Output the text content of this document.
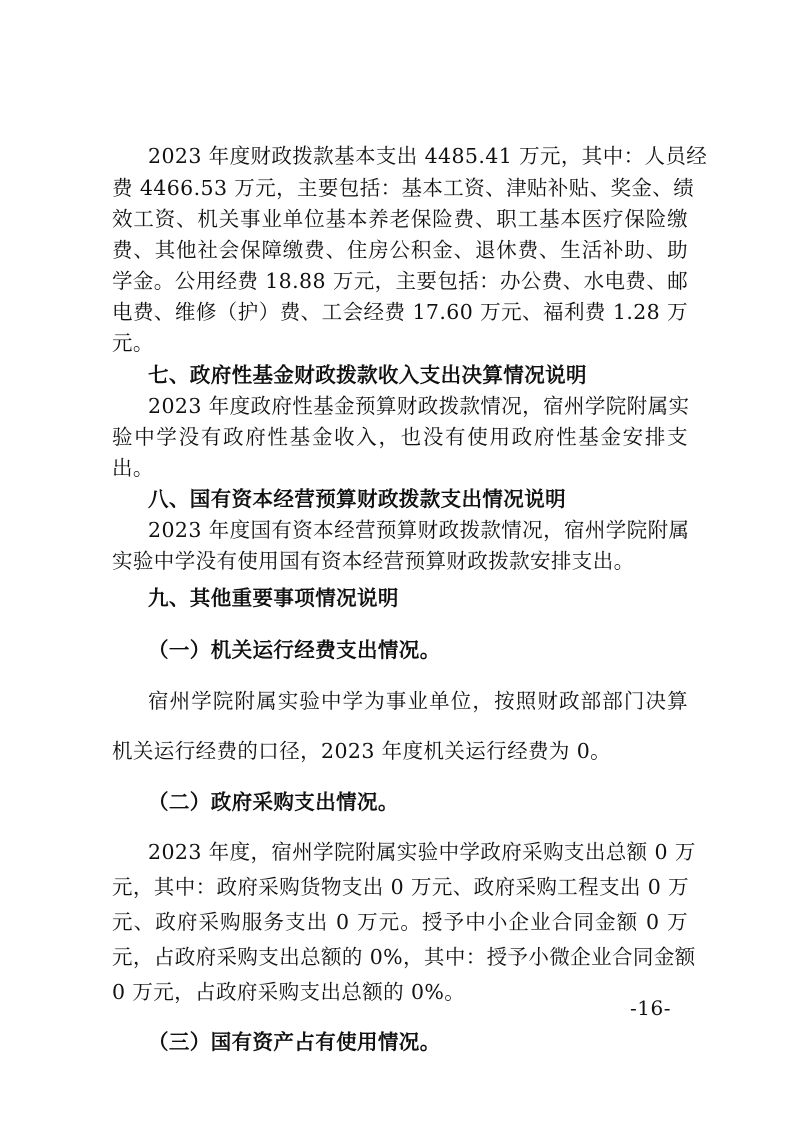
2023 年度财政拨款基本支出 4485.41 万元，其中：人员经
费 4466.53 万元，主要包括：基本工资、津贴补贴、奖金、绩
效工资、机关事业单位基本养老保险费、职工基本医疗保险缴
费、其他社会保障缴费、住房公积金、退休费、生活补助、助
学金。公用经费 18.88 万元，主要包括：办公费、水电费、邮
电费、维修（护）费、工会经费 17.60 万元、福利费 1.28 万
元。
七、政府性基金财政拨款收入支出决算情况说明
2023 年度政府性基金预算财政拨款情况，宿州学院附属实
验中学没有政府性基金收入，也没有使用政府性基金安排支
出。
八、国有资本经营预算财政拨款支出情况说明
2023 年度国有资本经营预算财政拨款情况，宿州学院附属
实验中学没有使用国有资本经营预算财政拨款安排支出。
九、其他重要事项情况说明
（一）机关运行经费支出情况。
宿州学院附属实验中学为事业单位，按照财政部部门决算
机关运行经费的口径，2023 年度机关运行经费为 0。
（二）政府采购支出情况。
2023 年度，宿州学院附属实验中学政府采购支出总额 0 万
元，其中：政府采购货物支出 0 万元、政府采购工程支出 0 万
元、政府采购服务支出 0 万元。授予中小企业合同金额 0 万
元，占政府采购支出总额的 0%，其中：授予小微企业合同金额
0 万元，占政府采购支出总额的 0%。
（三）国有资产占有使用情况。
-16-
